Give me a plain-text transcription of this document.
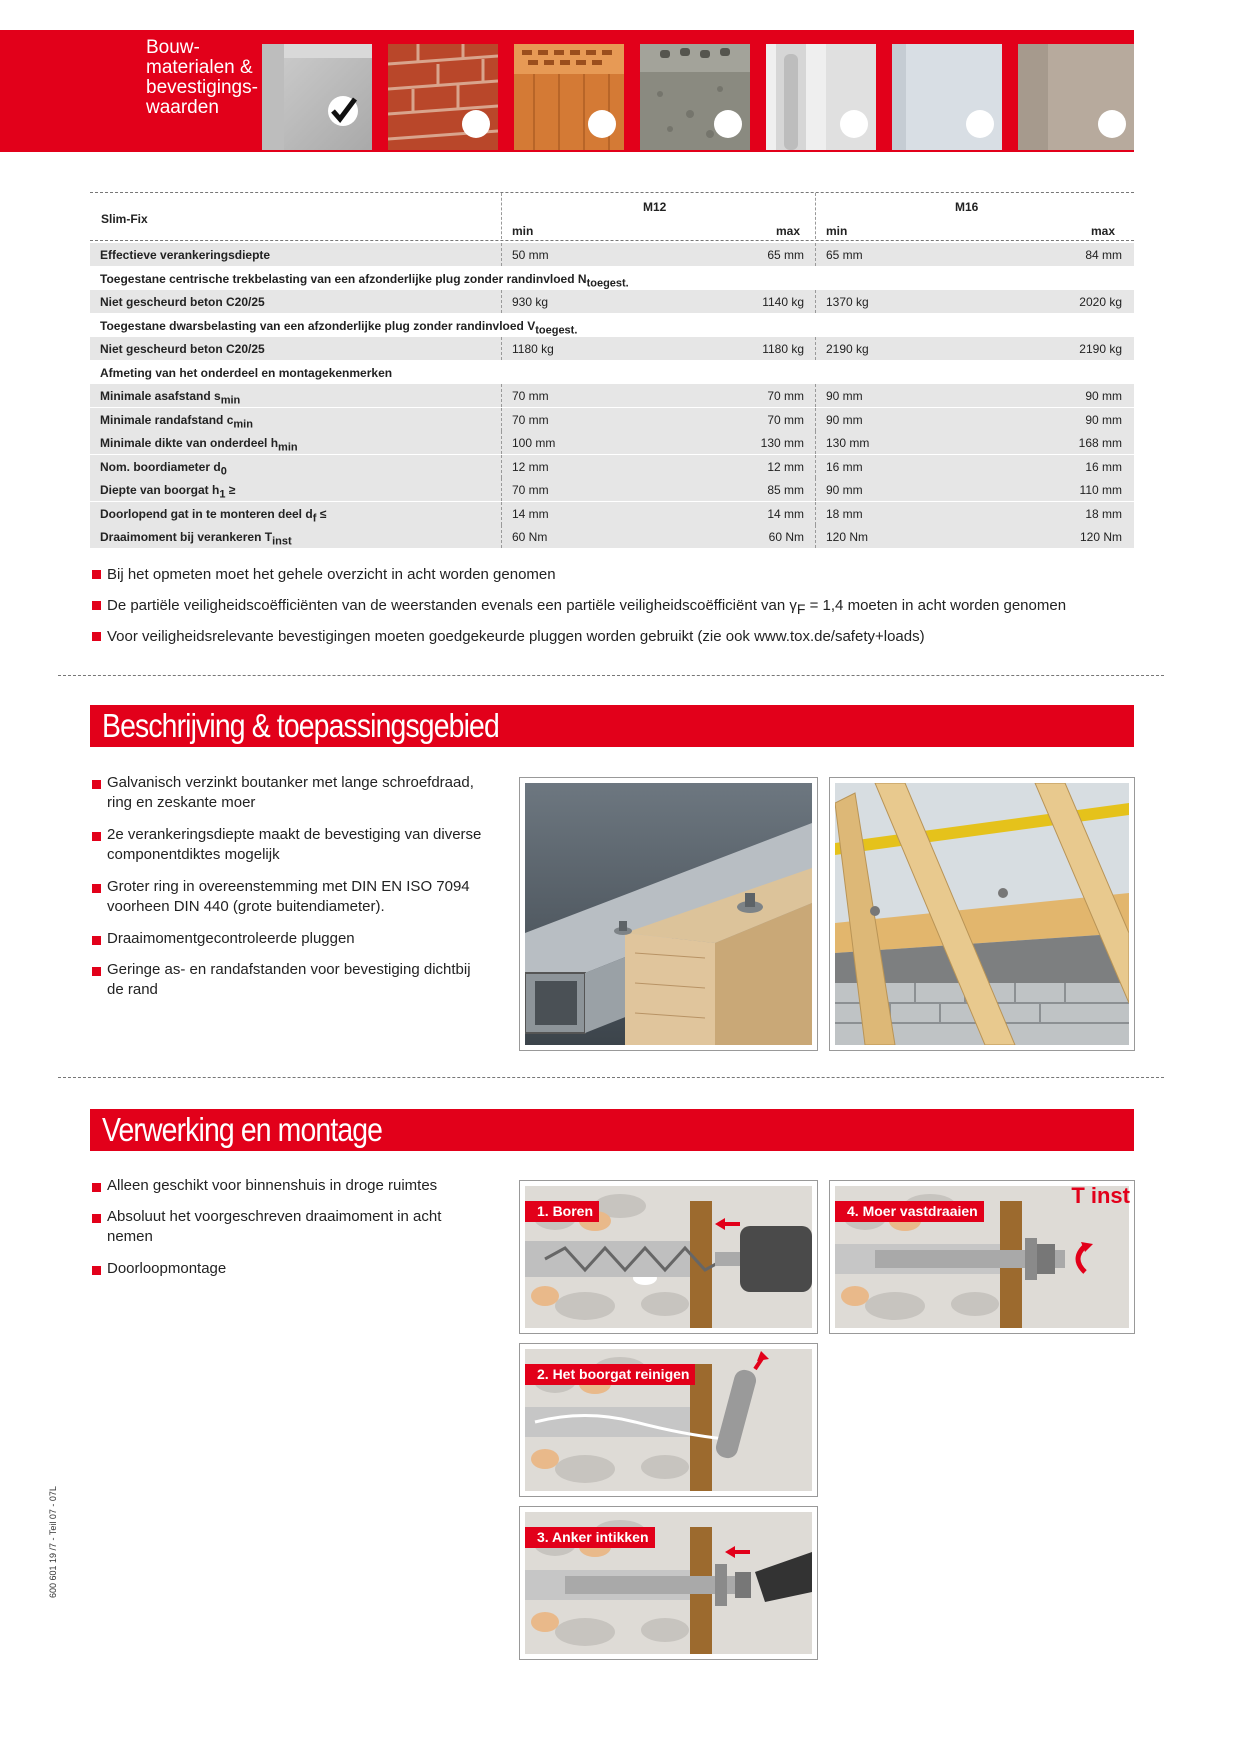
Bouw-
materialen &
bevestigings-
waarden
Slim-Fix
M12	M16
min	max min	max
Effectieve verankeringsdiepte	50 mm	65 mm 65 mm	84 mm
Toegestane centrische trekbelasting van een afzonderlijke plug zonder randinvloed $N_{toegest.}$
Niet gescheurd beton C20/25	930 kg	1140 kg 1370 kg	2020 kg
Toegestane dwarsbelasting van een afzonderlijke plug zonder randinvloed $V_{toegest.}$
Niet gescheurd beton C20/25	1180 kg	1180 kg 2190 kg	2190 kg
Afmeting van het onderdeel en montagekenmerken
Minimale asafstand $s_{min}$	70 mm	70 mm 90 mm	90 mm
Minimale randafstand $c_{min}$	70 mm	70 mm 90 mm	90 mm
Minimale dikte van onderdeel $h_{min}$	100 mm	130 mm 130 mm	168 mm
Nom. boordiameter $d_0$	12 mm	12 mm 16 mm	16 mm
Diepte van boorgat $h_1$ ≥	70 mm	85 mm 90 mm	110 mm
Doorlopend gat in te monteren deel $d_f$ ≤	14 mm	14 mm 18 mm	18 mm
Draaimoment bij verankeren $T_{inst}$	60 Nm	60 Nm 120 Nm	120 Nm
Bij het opmeten moet het gehele overzicht in acht worden genomen
De partiële veiligheidscoëfficiënten van de weerstanden evenals een partiële veiligheidscoëfficiënt van $\gamma_F = 1,4$ moeten in acht worden genomen
Voor veiligheidsrelevante bevestigingen moeten goedgekeurde pluggen worden gebruikt (zie ook www.tox.de/safety+loads)
Beschrijving & toepassingsgebied
Galvanisch verzinkt boutanker met lange schroefdraad,
ring en zeskante moer
2e verankeringsdiepte maakt de bevestiging van diverse
componentdiktes mogelijk
Groter ring in overeenstemming met DIN EN ISO 7094
voorheen DIN 440 (grote buitendiameter).
Draaimomentgecontroleerde pluggen
Geringe as- en randafstanden voor bevestiging dichtbij
de rand
Verwerking en montage
Alleen geschikt voor binnenshuis in droge ruimtes
Absoluut het voorgeschreven draaimoment in acht
nemen
Doorloopmontage
1. Boren	4. Moer vastdraaien
T inst
2. Het boorgat reinigen
3. Anker intikken
600 601 19 /7 - Teil 07 - 07L
